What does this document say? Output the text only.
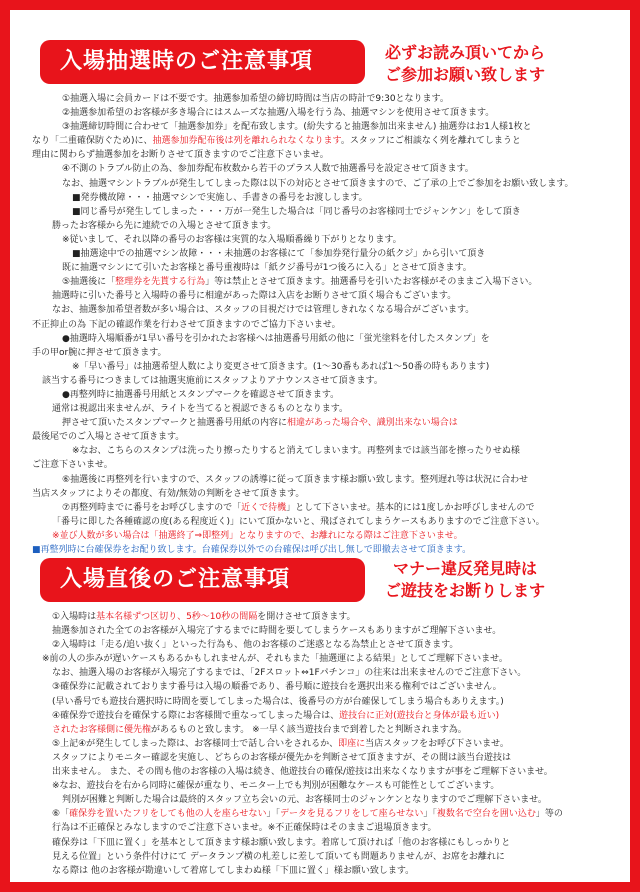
入場抽選時のご注意事項	必ずお読み頂いてから
ご参加お願い致します
①抽選入場に会員カードは不要です。抽選参加希望の締切時間は当店の時計で9:30となります。
②抽選参加希望のお客様が多き場合にはスムーズな抽選/入場を行う為、抽選マシンを使用させて頂きます。
③抽選締切時間に合わせて「抽選参加券」を配布致します。(紛失すると抽選参加出来ません) 抽選券はお1人様1枚と
なり「二重確保防ぐため)に、抽選参加券配布後は列を離れられなくなります。スタッフにご相談なく列を離れてしまうと
理由に関わらず抽選参加をお断りさせて頂きますのでご注意下さいませ。
④不測のトラブル防止の為、参加券配布枚数から若干のプラス人数で抽選番号を設定させて頂きます。
なお、抽選マシントラブルが発生してしまった際は以下の対応とさせて頂きますので、ご了承の上でご参加をお願い致します。
■発券機故障・・・抽選マシンで実施し、手書きの番号をお渡しします。
■同じ番号が発生してしまった・・・万が一発生した場合は「同じ番号のお客様同士でジャンケン」をして頂き
勝ったお客様から先に連続での入場とさせて頂きます。
※従いまして、それ以降の番号のお客様は実質的な入場順番繰り下がりとなります。
■抽選途中での抽選マシン故障・・・未抽選のお客様にて「参加券発行量分の紙クジ」から引いて頂き
既に抽選マシンにて引いたお客様と番号重複時は「紙クジ番号が1つ後ろに入る」とさせて頂きます。
⑤抽選後に「整理券を先貰する行為」等は禁止とさせて頂きます。抽選番号を引いたお客様がそのままご入場下さい。
抽選時に引いた番号と入場時の番号に相違があった際は入店をお断りさせて頂く場合もございます。
なお、抽選参加希望者数が多い場合は、スタッフの目視だけでは管理しきれなくなる場合がございます。
不正抑止の為 下記の確認作業を行わさせて頂きますのでご協力下さいませ。
●抽選時入場順番が1早い番号を引かれたお客様へは抽選番号用紙の他に「蛍光塗料を付したスタンプ」を
手の甲or腕に押させて頂きます。
※「早い番号」は抽選希望人数により変更させて頂きます。(1〜30番もあれば1〜50番の時もあります)
該当する番号につきましては抽選実施前にスタッフよりアナウンスさせて頂きます。
●再整列時に抽選番号用紙とスタンプマークを確認させて頂きます。
通常は視認出来ませんが、ライトを当てると視認できるものとなります。
押させて頂いたスタンプマークと抽選番号用紙の内容に相違があった場合や、識別出来ない場合は
最後尾でのご入場とさせて頂きます。
※なお、こちらのスタンプは洗ったり擦ったりすると消えてしまいます。再整列までは該当部を擦ったりせぬ様
ご注意下さいませ。
⑥抽選後に再整列を行いますので、スタッフの誘導に従って頂きます様お願い致します。整列遅れ等は状況に合わせ
当店スタッフによりその都度、有効/無効の判断をさせて頂きます。
⑦再整列時までに番号をお呼びしますので「近くで待機」として下さいませ。基本的には1度しかお呼びしませんので
「番号に即した各種確認の度(ある程度近く)」にいて頂かないと、飛ばされてしまうケースもありますのでご注意下さい。
※並び人数が多い場合は「抽選終了⇒即整列」となりますので、お離れになる際はご注意下さいませ。
■再整列時に台確保券をお配り致します。台確保券以外での台確保は呼び出し無しで即撤去させて頂きます。
入場直後のご注意事項	マナー違反発見時は
ご遊技をお断りします
①入場時は基本名様ずつ区切り、5秒〜10秒の間隔を開けさせて頂きます。
抽選参加された全てのお客様が入場完了するまでに時間を要してしまうケースもありますがご理解下さいませ。
②入場時は「走る/追い抜く」といった行為も、他のお客様のご迷惑となる為禁止とさせて頂きます。
※前の人の歩みが遅いケースもあるかもしれませんが、それもまた「抽選運による結果」としてご理解下さいませ。
なお、抽選入場のお客様が入場完了するまでは、「2Fスロット⇔1Fパチンコ」の往来は出来ませんのでご注意下さい。
③確保券に記載されております番号は入場の順番であり、番号順に遊技台を選択出来る権利ではございません。
(早い番号でも遊技台選択時に時間を要してしまった場合は、後番号の方が台確保してしまう場合もありえます。)
④確保券で遊技台を確保する際にお客様間で重なってしまった場合は、遊技台に正対(遊技台と身体が最も近い)
されたお客様側に優先権があるものと致します。 ※一早く該当遊技台まで到着したと判断されます為。
⑤上記④が発生してしまった際は、お客様同士で話し合いをされるか、即座に当店スタッフをお呼び下さいませ。
スタッフによりモニター確認を実施し、どちらのお客様が優先かを判断させて頂きますが、その間は該当台遊技は
出来ません。 また、その間も他のお客様の入場は続き、他遊技台の確保/遊技は出来なくなりますが事をご理解下さいませ。
※なお、遊技台を右から同時に確保が重なり、モニター上でも判別が困難なケースも可能性としてございます。
判別が困難と判断した場合は最終的スタッフ立ち会いの元、お客様同士のジャンケンとなりますのでご理解下さいませ。
⑥「確保券を置いたフリをしても他の人を座らせない」「データを見るフリをして座らせない」「複数名で空台を囲い込む」等の
行為は不正確保とみなしますのでご注意下さいませ。※不正確保時はそのままご退場頂きます。
確保券は「下皿に置く」を基本として頂きます様お願い致します。着席して頂ければ「他のお客様にもしっかりと
見える位置」という条件付けにて データランプ横の札差しに差して頂いても問題ありませんが、お席をお離れに
なる際は 他のお客様が勘違いして着席してしまわぬ様「下皿に置く」様お願い致します。
